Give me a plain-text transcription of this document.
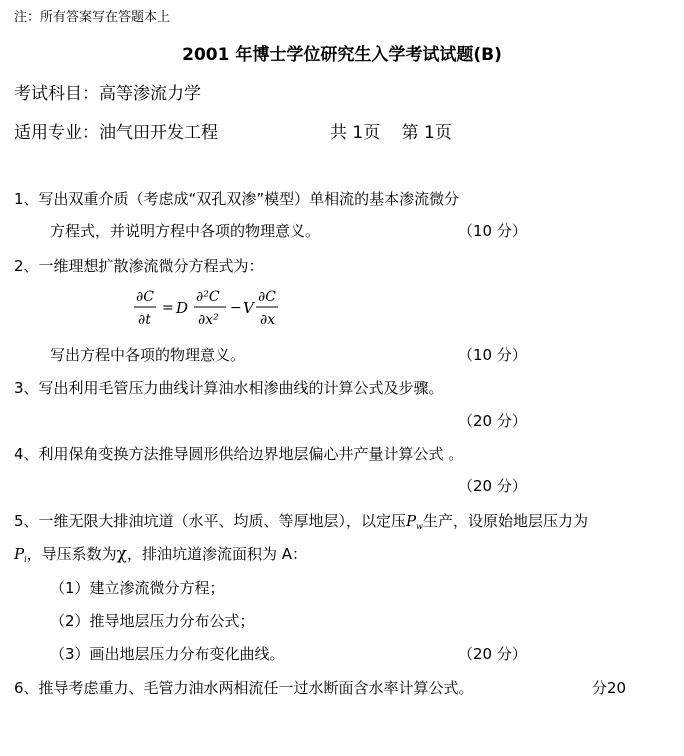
注：所有答案写在答题本上
2001 年博士学位研究生入学考试试题(B)
考试科目：高等渗流力学
适用专业：油气田开发工程	共 1页 第 1页
1、写出双重介质（考虑成“双孔双渗”模型）单相流的基本渗流微分
方程式，并说明方程中各项的物理意义。	（10 分）
2、一维理想扩散渗流微分方程式为：
∂C
∂t
= D
∂²C
∂x²
− V
∂C
∂x
写出方程中各项的物理意义。	（10 分）
3、写出利用毛管压力曲线计算油水相渗曲线的计算公式及步骤。
（20 分）
4、利用保角变换方法推导圆形供给边界地层偏心井产量计算公式 。
（20 分）
5、一维无限大排油坑道（水平、均质、等厚地层），以定压$P_w$生产，设原始地层压力为
$P_i$，导压系数为χ，排油坑道渗流面积为 A：
（1）建立渗流微分方程；
（2）推导地层压力分布公式；
（3）画出地层压力分布变化曲线。	（20 分）
6、推导考虑重力、毛管力油水两相流任一过水断面含水率计算公式。	分20
